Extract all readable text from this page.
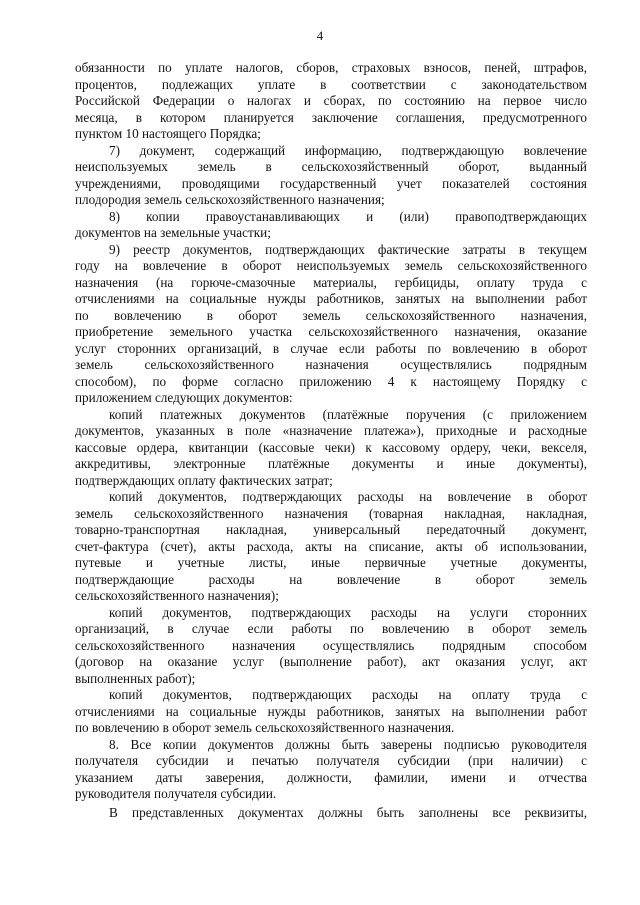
4
обязанности по уплате налогов, сборов, страховых взносов, пеней, штрафов,
процентов, подлежащих уплате в соответствии с законодательством
Российской Федерации о налогах и сборах, по состоянию на первое число
месяца, в котором планируется заключение соглашения, предусмотренного
пунктом 10 настоящего Порядка;
7) документ, содержащий информацию, подтверждающую вовлечение
неиспользуемых земель в сельскохозяйственный оборот, выданный
учреждениями, проводящими государственный учет показателей состояния
плодородия земель сельскохозяйственного назначения;
8) копии правоустанавливающих и (или) правоподтверждающих
документов на земельные участки;
9) реестр документов, подтверждающих фактические затраты в текущем
году на вовлечение в оборот неиспользуемых земель сельскохозяйственного
назначения (на горюче-смазочные материалы, гербициды, оплату труда с
отчислениями на социальные нужды работников, занятых на выполнении работ
по вовлечению в оборот земель сельскохозяйственного назначения,
приобретение земельного участка сельскохозяйственного назначения, оказание
услуг сторонних организаций, в случае если работы по вовлечению в оборот
земель сельскохозяйственного назначения осуществлялись подрядным
способом), по форме согласно приложению 4 к настоящему Порядку с
приложением следующих документов:
копий платежных документов (платёжные поручения (с приложением
документов, указанных в поле «назначение платежа»), приходные и расходные
кассовые ордера, квитанции (кассовые чеки) к кассовому ордеру, чеки, векселя,
аккредитивы, электронные платёжные документы и иные документы),
подтверждающих оплату фактических затрат;
копий документов, подтверждающих расходы на вовлечение в оборот
земель сельскохозяйственного назначения (товарная накладная, накладная,
товарно-транспортная накладная, универсальный передаточный документ,
счет-фактура (счет), акты расхода, акты на списание, акты об использовании,
путевые и учетные листы, иные первичные учетные документы,
подтверждающие расходы на вовлечение в оборот земель
сельскохозяйственного назначения);
копий документов, подтверждающих расходы на услуги сторонних
организаций, в случае если работы по вовлечению в оборот земель
сельскохозяйственного назначения осуществлялись подрядным способом
(договор на оказание услуг (выполнение работ), акт оказания услуг, акт
выполненных работ);
копий документов, подтверждающих расходы на оплату труда с
отчислениями на социальные нужды работников, занятых на выполнении работ
по вовлечению в оборот земель сельскохозяйственного назначения.
8. Все копии документов должны быть заверены подписью руководителя
получателя субсидии и печатью получателя субсидии (при наличии) с
указанием даты заверения, должности, фамилии, имени и отчества
руководителя получателя субсидии.
В представленных документах должны быть заполнены все реквизиты,
